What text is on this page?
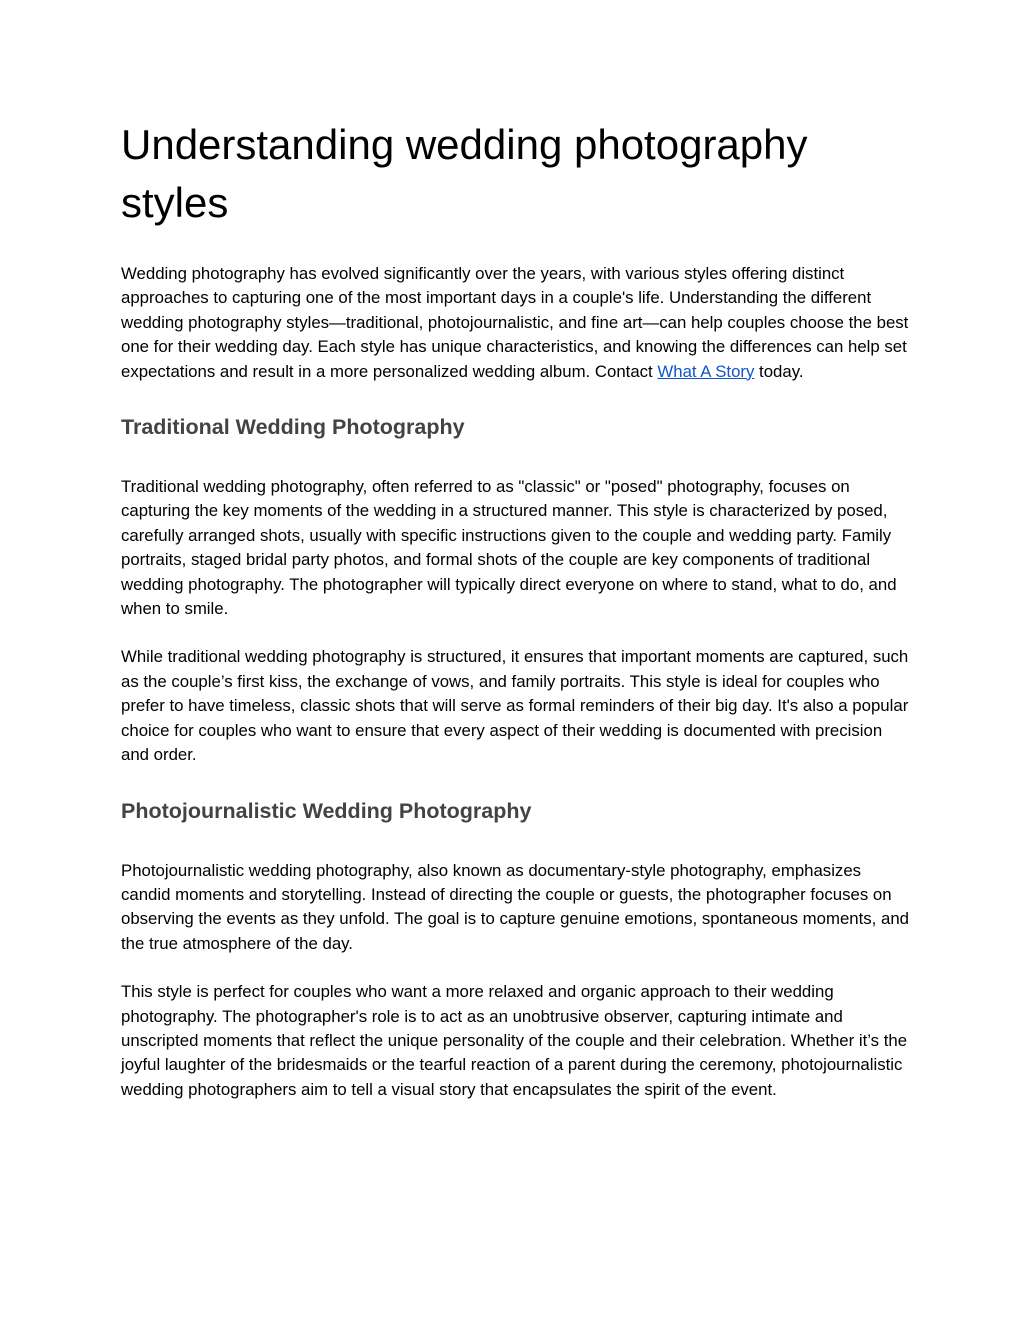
Understanding wedding photography styles

Wedding photography has evolved significantly over the years, with various styles offering distinct approaches to capturing one of the most important days in a couple's life. Understanding the different wedding photography styles—traditional, photojournalistic, and fine art—can help couples choose the best one for their wedding day. Each style has unique characteristics, and knowing the differences can help set expectations and result in a more personalized wedding album. Contact What A Story today.

Traditional Wedding Photography

Traditional wedding photography, often referred to as "classic" or "posed" photography, focuses on capturing the key moments of the wedding in a structured manner. This style is characterized by posed, carefully arranged shots, usually with specific instructions given to the couple and wedding party. Family portraits, staged bridal party photos, and formal shots of the couple are key components of traditional wedding photography. The photographer will typically direct everyone on where to stand, what to do, and when to smile.

While traditional wedding photography is structured, it ensures that important moments are captured, such as the couple’s first kiss, the exchange of vows, and family portraits. This style is ideal for couples who prefer to have timeless, classic shots that will serve as formal reminders of their big day. It's also a popular choice for couples who want to ensure that every aspect of their wedding is documented with precision and order.

Photojournalistic Wedding Photography

Photojournalistic wedding photography, also known as documentary-style photography, emphasizes candid moments and storytelling. Instead of directing the couple or guests, the photographer focuses on observing the events as they unfold. The goal is to capture genuine emotions, spontaneous moments, and the true atmosphere of the day.

This style is perfect for couples who want a more relaxed and organic approach to their wedding photography. The photographer's role is to act as an unobtrusive observer, capturing intimate and unscripted moments that reflect the unique personality of the couple and their celebration. Whether it’s the joyful laughter of the bridesmaids or the tearful reaction of a parent during the ceremony, photojournalistic wedding photographers aim to tell a visual story that encapsulates the spirit of the event.
